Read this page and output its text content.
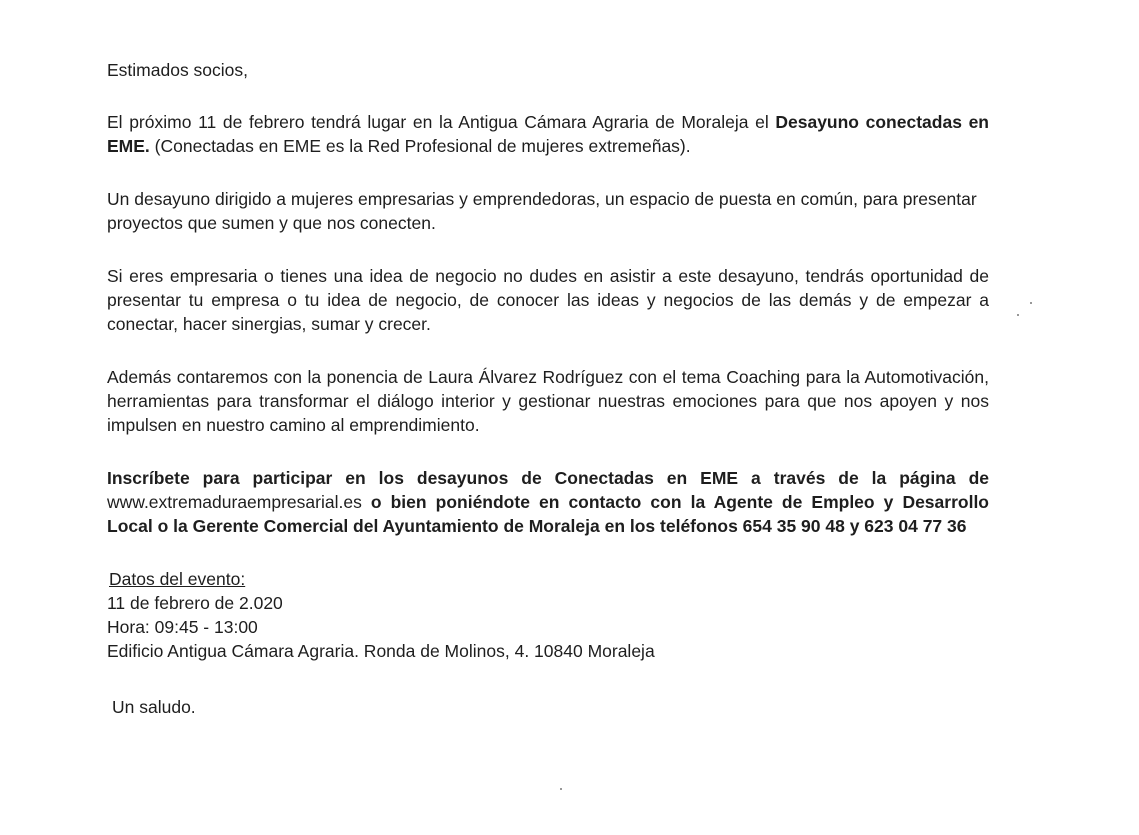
Estimados socios,

El próximo 11 de febrero tendrá lugar en la Antigua Cámara Agraria de Moraleja el Desayuno conectadas en EME. (Conectadas en EME es la Red Profesional de mujeres extremeñas).

Un desayuno dirigido a mujeres empresarias y emprendedoras, un espacio de puesta en común, para presentar proyectos que sumen y que nos conecten.

Si eres empresaria o tienes una idea de negocio no dudes en asistir a este desayuno, tendrás oportunidad de presentar tu empresa o tu idea de negocio, de conocer las ideas y negocios de las demás y de empezar a conectar, hacer sinergias, sumar y crecer.

Además contaremos con la ponencia de Laura Álvarez Rodríguez con el tema Coaching para la Automotivación, herramientas para transformar el diálogo interior y gestionar nuestras emociones para que nos apoyen y nos impulsen en nuestro camino al emprendimiento.

Inscríbete para participar en los desayunos de Conectadas en EME a través de la página de www.extremaduraempresarial.es o bien poniéndote en contacto con la Agente de Empleo y Desarrollo Local o la Gerente Comercial del Ayuntamiento de Moraleja en los teléfonos 654 35 90 48 y 623 04 77 36

Datos del evento:
11 de febrero de 2.020
Hora: 09:45 - 13:00
Edificio Antigua Cámara Agraria. Ronda de Molinos, 4. 10840 Moraleja

Un saludo.
